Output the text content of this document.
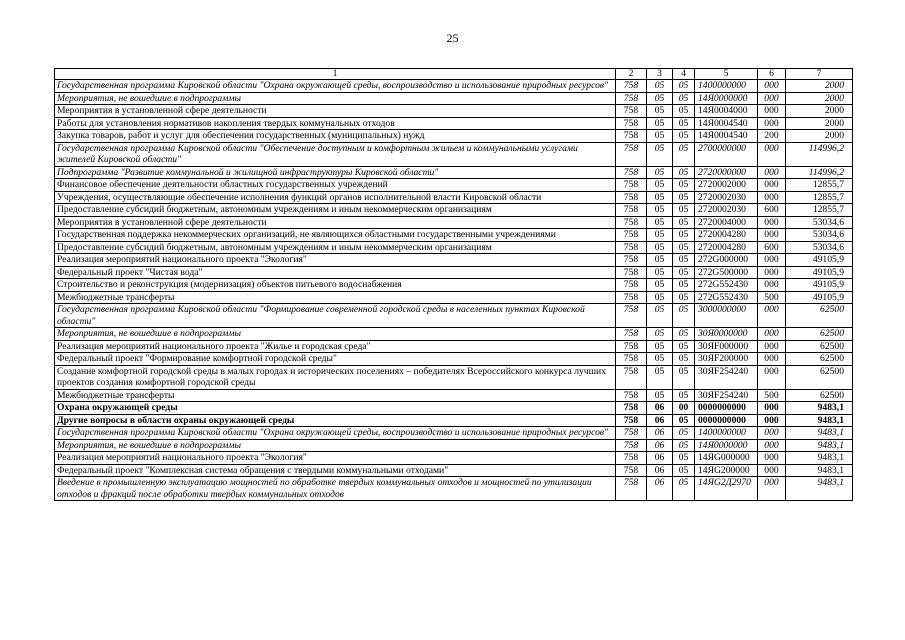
25
1	2	3	4	5	6	7
Государственная программа Кировской области "Охрана окружающей среды, воспроизводство и использование природных ресурсов"	758	05	05	1400000000	000	2000
Мероприятия, не вошедшие в подпрограммы	758	05	05	14Я0000000	000	2000
Мероприятия в установленной сфере деятельности	758	05	05	14Я0004000	000	2000
Работы для установления нормативов накопления твердых коммунальных отходов	758	05	05	14Я0004540	000	2000
Закупка товаров, работ и услуг для обеспечения государственных (муниципальных) нужд	758	05	05	14Я0004540	200	2000
Государственная программа Кировской области "Обеспечение доступным и комфортным жильем и коммунальными услугами жителей Кировской области"	758	05	05	2700000000	000	114996,2
Подпрограмма "Развитие коммунальной и жилищной инфраструктуры Кировской области"	758	05	05	2720000000	000	114996,2
Финансовое обеспечение деятельности областных государственных учреждений	758	05	05	2720002000	000	12855,7
Учреждения, осуществляющие обеспечение исполнения функций органов исполнительной власти Кировской области	758	05	05	2720002030	000	12855,7
Предоставление субсидий бюджетным, автономным учреждениям и иным некоммерческим организациям	758	05	05	2720002030	600	12855,7
Мероприятия в установленной сфере деятельности	758	05	05	2720004000	000	53034,6
Государственная поддержка некоммерческих организаций, не являющихся областными государственными учреждениями	758	05	05	2720004280	000	53034,6
Предоставление субсидий бюджетным, автономным учреждениям и иным некоммерческим организациям	758	05	05	2720004280	600	53034,6
Реализация мероприятий национального проекта "Экология"	758	05	05	272G000000	000	49105,9
Федеральный проект "Чистая вода"	758	05	05	272G500000	000	49105,9
Строительство и реконструкция (модернизация) объектов питьевого водоснабжения	758	05	05	272G552430	000	49105,9
Межбюджетные трансферты	758	05	05	272G552430	500	49105,9
Государственная программа Кировской области "Формирование современной городской среды в населенных пунктах Кировской области"	758	05	05	3000000000	000	62500
Мероприятия, не вошедшие в подпрограммы	758	05	05	30Я0000000	000	62500
Реализация мероприятий национального проекта "Жилье и городская среда"	758	05	05	30ЯF000000	000	62500
Федеральный проект "Формирование комфортной городской среды"	758	05	05	30ЯF200000	000	62500
Создание комфортной городской среды в малых городах и исторических поселениях – победителях Всероссийского конкурса лучших проектов создания комфортной городской среды	758	05	05	30ЯF254240	000	62500
Межбюджетные трансферты	758	05	05	30ЯF254240	500	62500
Охрана окружающей среды	758	06	00	0000000000	000	9483,1
Другие вопросы в области охраны окружающей среды	758	06	05	0000000000	000	9483,1
Государственная программа Кировской области "Охрана окружающей среды, воспроизводство и использование природных ресурсов"	758	06	05	1400000000	000	9483,1
Мероприятия, не вошедшие в подпрограммы	758	06	05	14Я0000000	000	9483,1
Реализация мероприятий национального проекта "Экология"	758	06	05	14ЯG000000	000	9483,1
Федеральный проект "Комплексная система обращения с твердыми коммунальными отходами"	758	06	05	14ЯG200000	000	9483,1
Введение в промышленную эксплуатацию мощностей по обработке твердых коммунальных отходов и мощностей по утилизации отходов и фракций после обработки твердых коммунальных отходов	758	06	05	14ЯG2Д2970	000	9483,1
